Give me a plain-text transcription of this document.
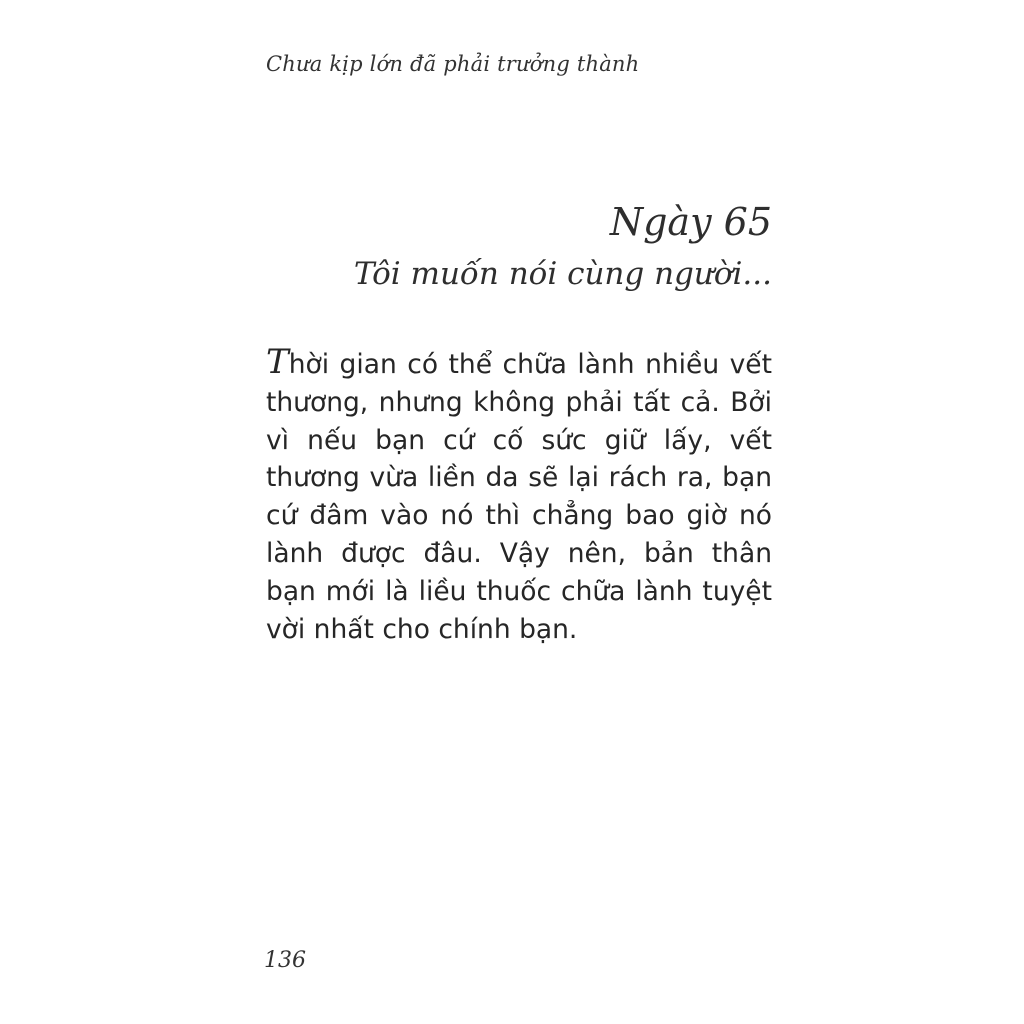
Chưa kịp lớn đã phải trưởng thành
Ngày 65
Tôi muốn nói cùng người...

Thời gian có thể chữa lành nhiều vết thương, nhưng không phải tất cả. Bởi vì nếu bạn cứ cố sức giữ lấy, vết thương vừa liền da sẽ lại rách ra, bạn cứ đâm vào nó thì chẳng bao giờ nó lành được đâu. Vậy nên, bản thân bạn mới là liều thuốc chữa lành tuyệt vời nhất cho chính bạn.

136
